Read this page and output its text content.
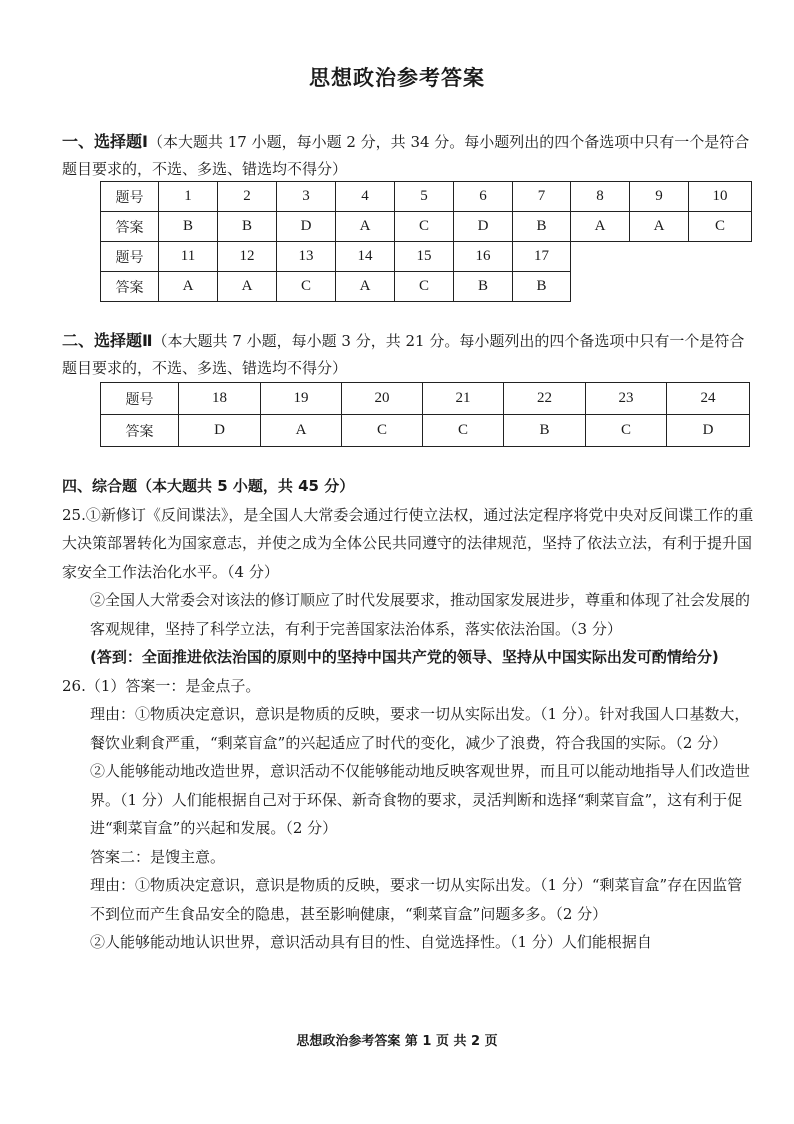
思想政治参考答案
一、选择题Ⅰ（本大题共 17 小题，每小题 2 分，共 34 分。每小题列出的四个备选项中只有一个是符合题目要求的，不选、多选、错选均不得分）
题号	1	2	3	4	5	6	7	8	9	10
答案	B	B	D	A	C	D	B	A	A	C
题号	11	12	13	14	15	16	17			
答案	A	A	C	A	C	B	B			
二、选择题Ⅱ（本大题共 7 小题，每小题 3 分，共 21 分。每小题列出的四个备选项中只有一个是符合题目要求的，不选、多选、错选均不得分）
题号	18	19	20	21	22	23	24
答案	D	A	C	C	B	C	D

四、综合题（本大题共 5 小题，共 45 分）

25.①新修订《反间谍法》，是全国人大常委会通过行使立法权，通过法定程序将党中央对反间谍工作的重大决策部署转化为国家意志，并使之成为全体公民共同遵守的法律规范，坚持了依法立法，有利于提升国家安全工作法治化水平。（4 分）

②全国人大常委会对该法的修订顺应了时代发展要求，推动国家发展进步，尊重和体现了社会发展的客观规律，坚持了科学立法，有利于完善国家法治体系，落实依法治国。（3 分）

(答到：全面推进依法治国的原则中的坚持中国共产党的领导、坚持从中国实际出发可酌情给分)

26.（1）答案一：是金点子。

理由：①物质决定意识，意识是物质的反映，要求一切从实际出发。（1 分）。针对我国人口基数大，餐饮业剩食严重，“剩菜盲盒”的兴起适应了时代的变化，减少了浪费，符合我国的实际。（2 分）

②人能够能动地改造世界，意识活动不仅能够能动地反映客观世界，而且可以能动地指导人们改造世界。（1 分）人们能根据自己对于环保、新奇食物的要求，灵活判断和选择“剩菜盲盒”，这有利于促进“剩菜盲盒”的兴起和发展。（2 分）

答案二：是馊主意。

理由：①物质决定意识，意识是物质的反映，要求一切从实际出发。（1 分）“剩菜盲盒”存在因监管不到位而产生食品安全的隐患，甚至影响健康，“剩菜盲盒”问题多多。（2 分）

②人能够能动地认识世界，意识活动具有目的性、自觉选择性。（1 分）人们能根据自

思想政治参考答案 第 1 页 共 2 页
